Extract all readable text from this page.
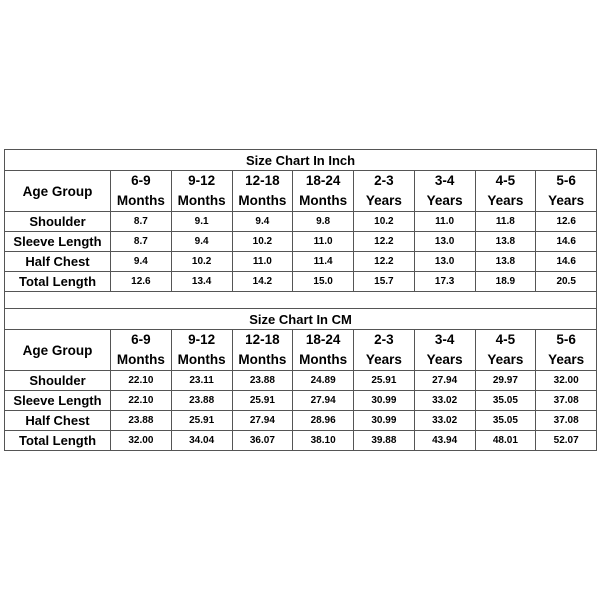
Size Chart In Inch								
Age Group	6-9	9-12	12-18	18-24	2-3	3-4	4-5	5-6
	Months	Months	Months	Months	Years	Years	Years	Years
Shoulder	8.7	9.1	9.4	9.8	10.2	11.0	11.8	12.6
Sleeve Length	8.7	9.4	10.2	11.0	12.2	13.0	13.8	14.6
Half Chest	9.4	10.2	11.0	11.4	12.2	13.0	13.8	14.6
Total Length	12.6	13.4	14.2	15.0	15.7	17.3	18.9	20.5

Size Chart In CM								
Age Group	6-9	9-12	12-18	18-24	2-3	3-4	4-5	5-6
	Months	Months	Months	Months	Years	Years	Years	Years
Shoulder	22.10	23.11	23.88	24.89	25.91	27.94	29.97	32.00
Sleeve Length	22.10	23.88	25.91	27.94	30.99	33.02	35.05	37.08
Half Chest	23.88	25.91	27.94	28.96	30.99	33.02	35.05	37.08
Total Length	32.00	34.04	36.07	38.10	39.88	43.94	48.01	52.07
